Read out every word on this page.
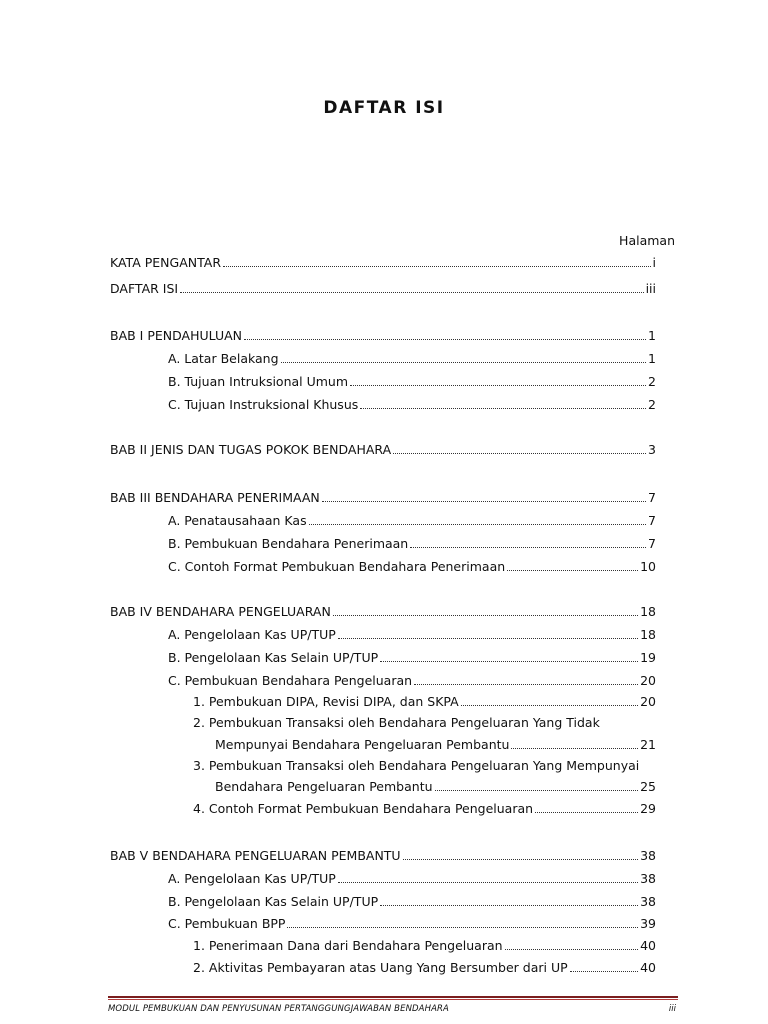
DAFTAR ISI
Halaman
KATA PENGANTAR	i
DAFTAR ISI	iii
BAB I PENDAHULUAN	1
A. Latar Belakang	1
B. Tujuan Intruksional Umum	2
C. Tujuan Instruksional Khusus	2
BAB II JENIS DAN TUGAS POKOK BENDAHARA	3
BAB III BENDAHARA PENERIMAAN	7
A. Penatausahaan Kas	7
B. Pembukuan Bendahara Penerimaan	7
C. Contoh Format Pembukuan Bendahara Penerimaan	10
BAB IV BENDAHARA PENGELUARAN	18
A. Pengelolaan Kas UP/TUP	18
B. Pengelolaan Kas Selain UP/TUP	19
C. Pembukuan Bendahara Pengeluaran	20
1. Pembukuan DIPA, Revisi DIPA, dan SKPA	20
2. Pembukuan Transaksi oleh Bendahara Pengeluaran Yang Tidak
Mempunyai Bendahara Pengeluaran Pembantu	21
3. Pembukuan Transaksi oleh Bendahara Pengeluaran Yang Mempunyai
Bendahara Pengeluaran Pembantu	25
4. Contoh Format Pembukuan Bendahara Pengeluaran	29
BAB V BENDAHARA PENGELUARAN PEMBANTU	38
A. Pengelolaan Kas UP/TUP	38
B. Pengelolaan Kas Selain UP/TUP	38
C. Pembukuan BPP	39
1. Penerimaan Dana dari Bendahara Pengeluaran	40
2. Aktivitas Pembayaran atas Uang Yang Bersumber dari UP	40
MODUL PEMBUKUAN DAN PENYUSUNAN PERTANGGUNGJAWABAN BENDAHARA	iii
